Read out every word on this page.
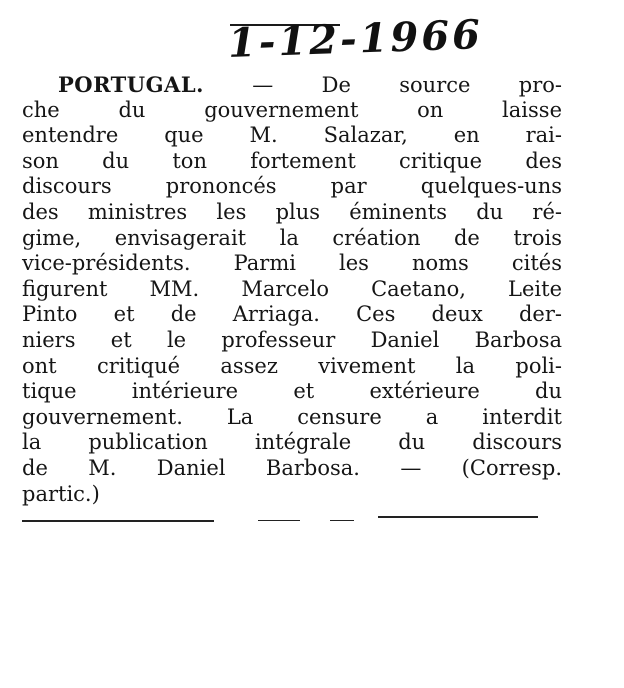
1-12-1966
PORTUGAL. — De source pro-
che du gouvernement on laisse
entendre que M. Salazar, en rai-
son du ton fortement critique des
discours prononcés par quelques-uns
des ministres les plus éminents du ré-
gime, envisagerait la création de trois
vice-présidents. Parmi les noms cités
figurent MM. Marcelo Caetano, Leite
Pinto et de Arriaga. Ces deux der-
niers et le professeur Daniel Barbosa
ont critiqué assez vivement la poli-
tique intérieure et extérieure du
gouvernement. La censure a interdit
la publication intégrale du discours
de M. Daniel Barbosa. — (Corresp.
partic.)
